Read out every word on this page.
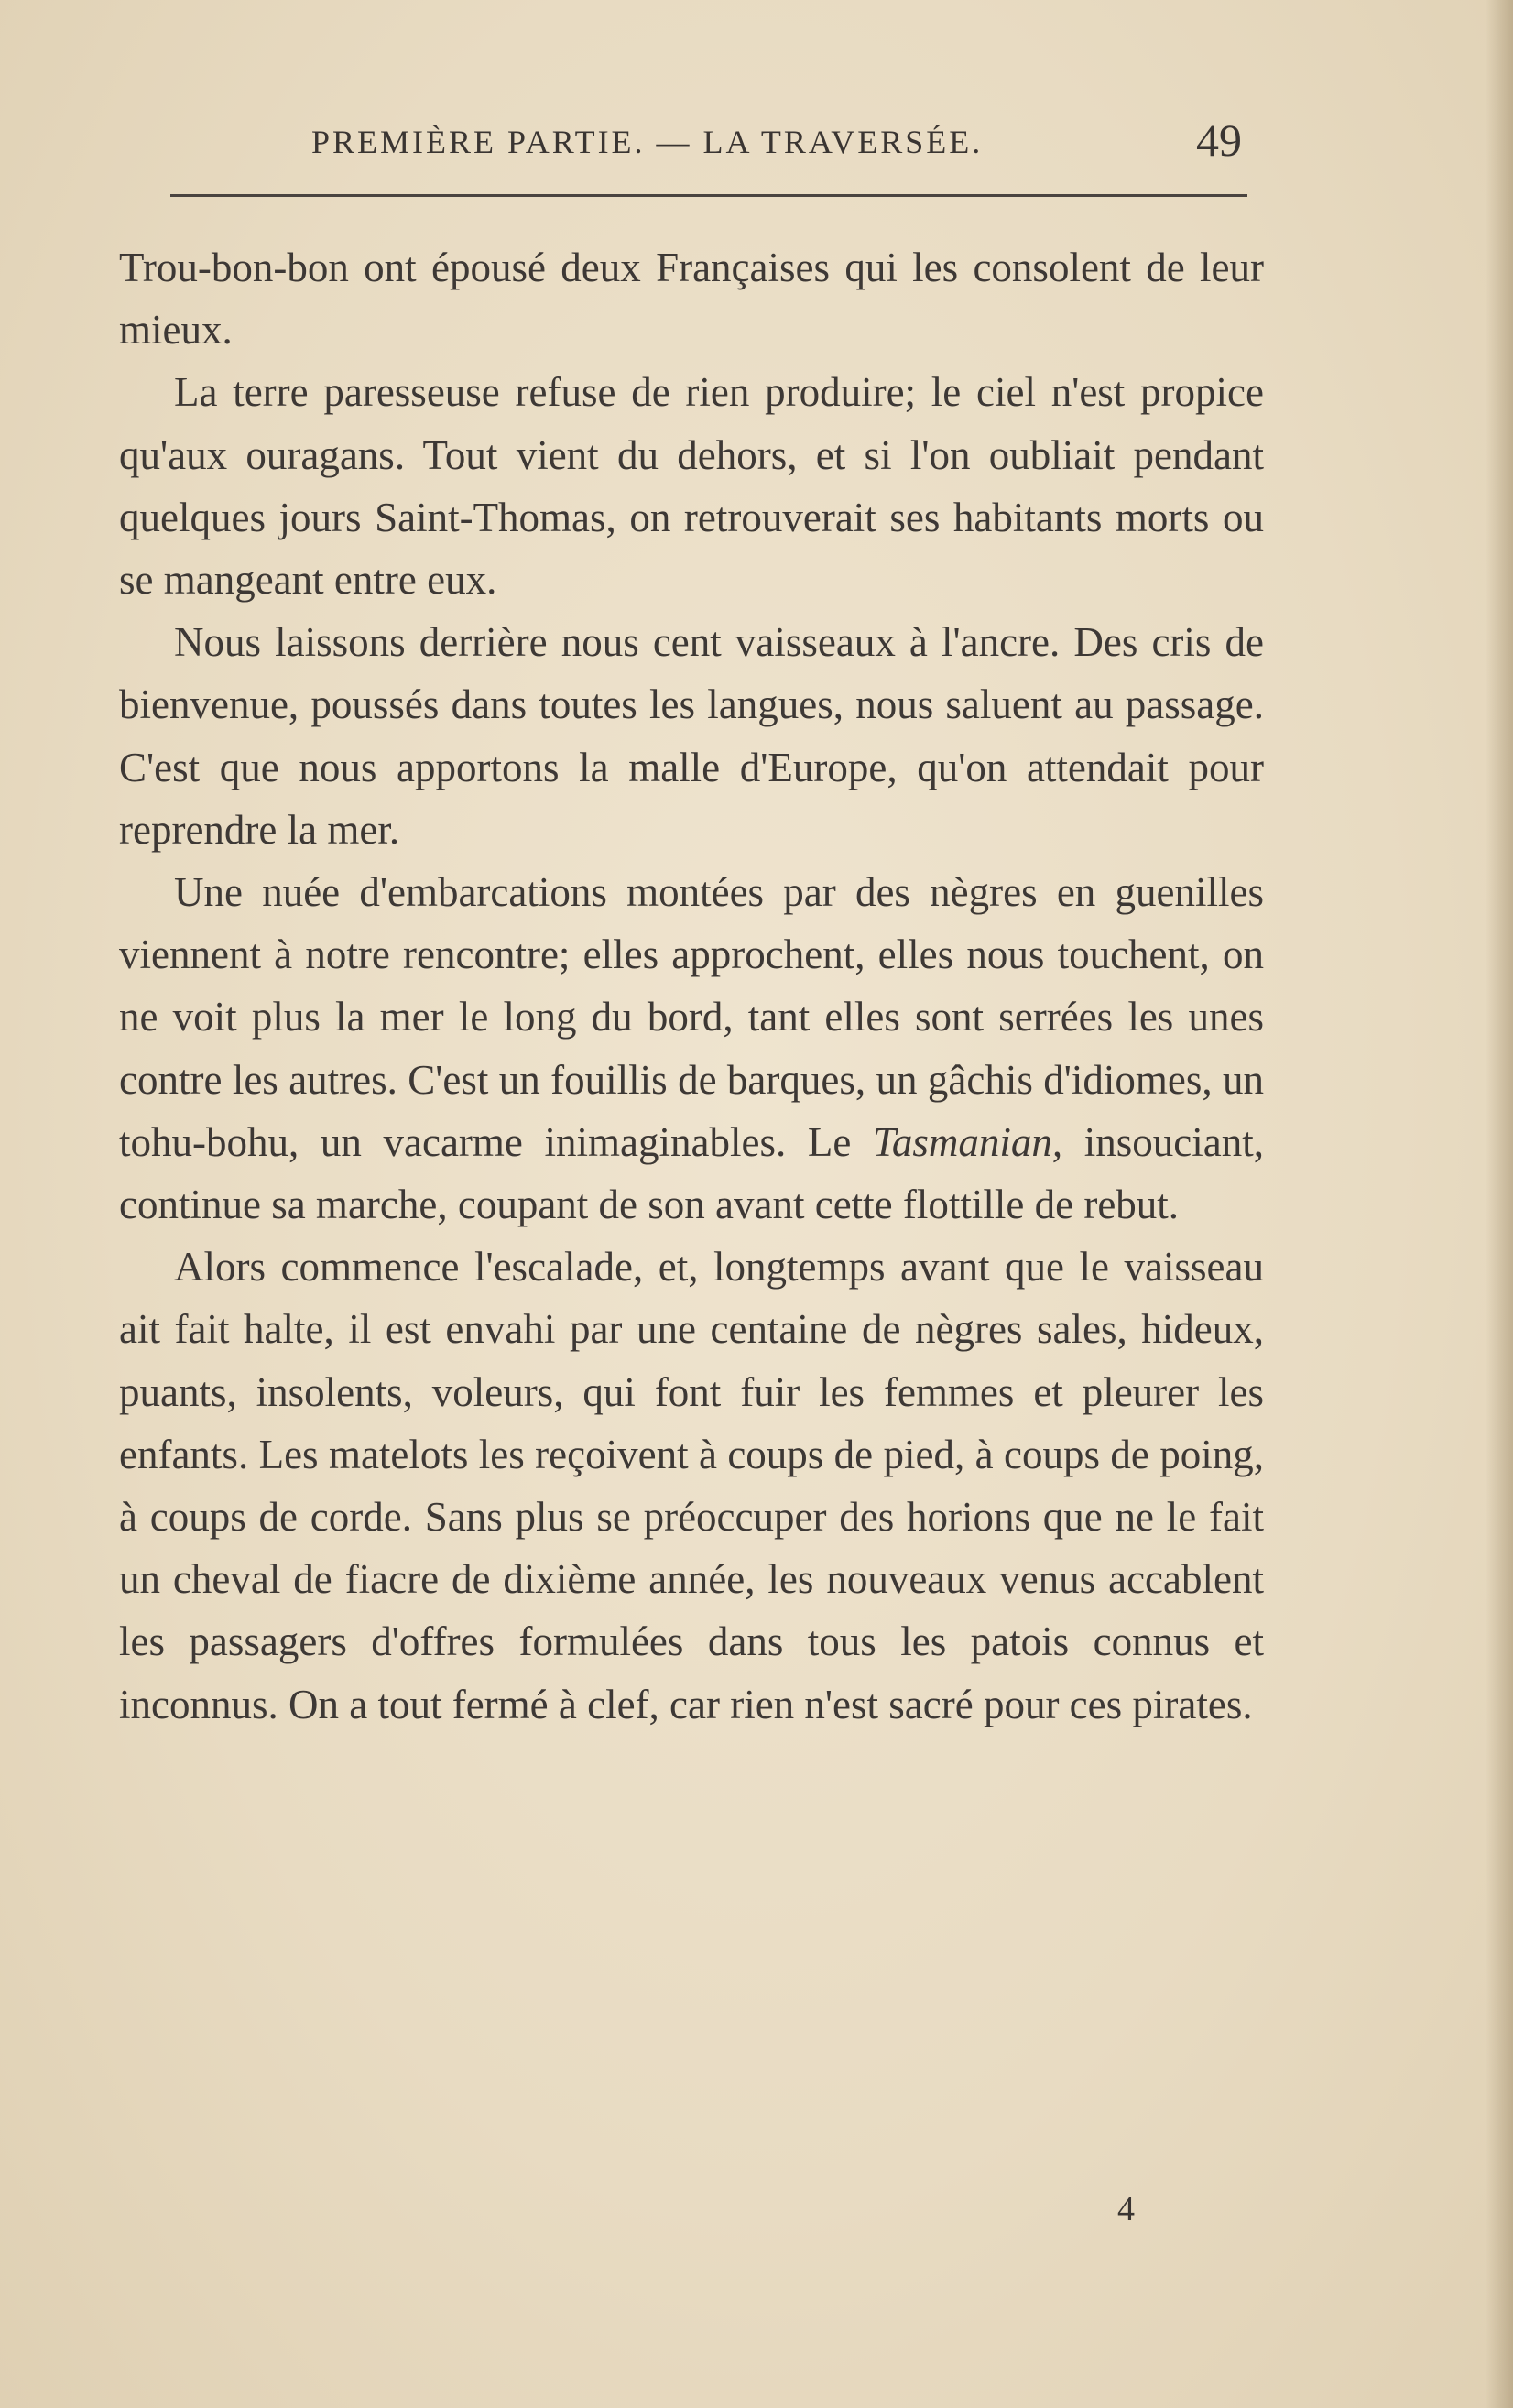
PREMIÈRE PARTIE. — LA TRAVERSÉE.	49

Trou-bon-bon ont épousé deux Françaises qui les consolent de leur mieux.

La terre paresseuse refuse de rien produire; le ciel n'est propice qu'aux ouragans. Tout vient du dehors, et si l'on oubliait pendant quelques jours Saint-Thomas, on retrouverait ses habitants morts ou se mangeant entre eux.

Nous laissons derrière nous cent vaisseaux à l'ancre. Des cris de bienvenue, poussés dans toutes les langues, nous saluent au passage. C'est que nous apportons la malle d'Europe, qu'on attendait pour reprendre la mer.

Une nuée d'embarcations montées par des nègres en guenilles viennent à notre rencontre; elles approchent, elles nous touchent, on ne voit plus la mer le long du bord, tant elles sont serrées les unes contre les autres. C'est un fouillis de barques, un gâchis d'idiomes, un tohu-bohu, un vacarme inimaginables. Le Tasmanian, insouciant, continue sa marche, coupant de son avant cette flottille de rebut.

Alors commence l'escalade, et, longtemps avant que le vaisseau ait fait halte, il est envahi par une centaine de nègres sales, hideux, puants, insolents, voleurs, qui font fuir les femmes et pleurer les enfants. Les matelots les reçoivent à coups de pied, à coups de poing, à coups de corde. Sans plus se préoccuper des horions que ne le fait un cheval de fiacre de dixième année, les nouveaux venus accablent les passagers d'offres formulées dans tous les patois connus et inconnus. On a tout fermé à clef, car rien n'est sacré pour ces pirates.

4
